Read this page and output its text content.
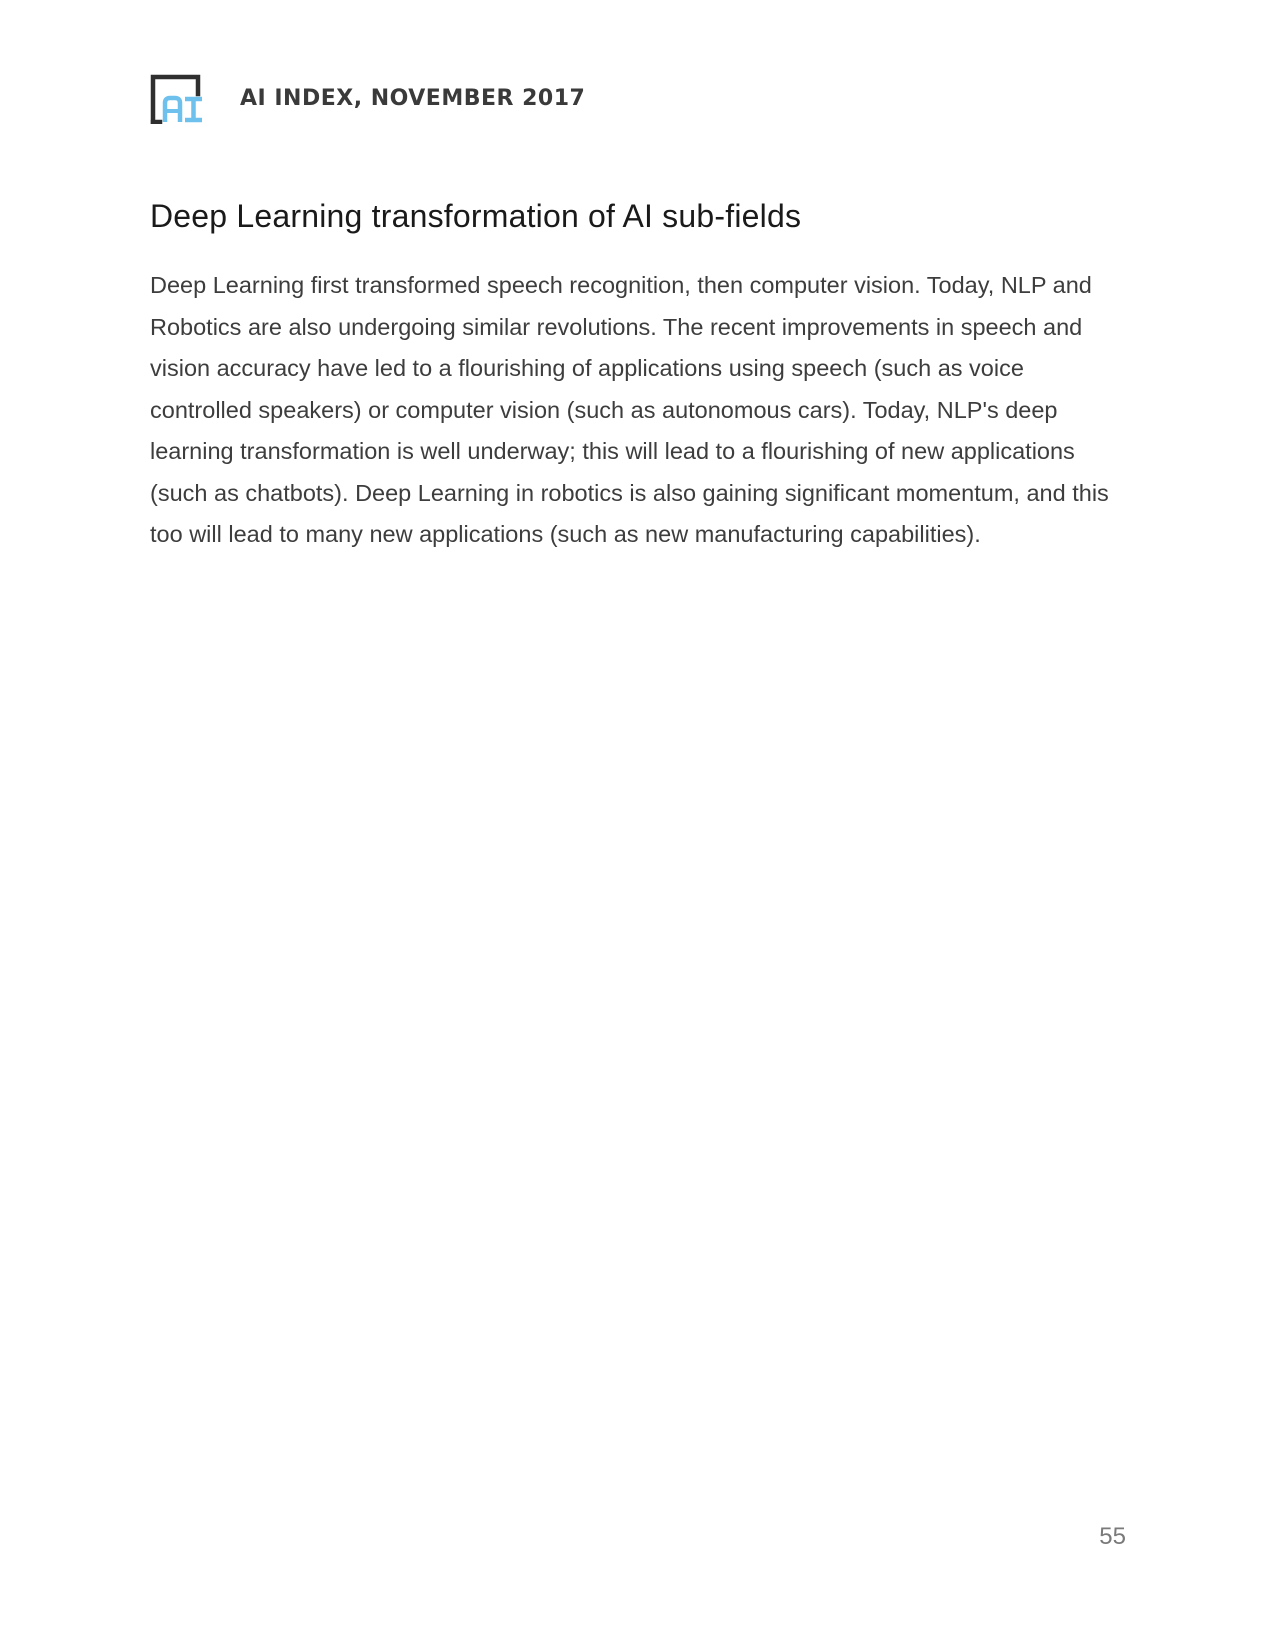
AI INDEX, NOVEMBER 2017
Deep Learning transformation of AI sub-fields

Deep Learning first transformed speech recognition, then computer vision. Today, NLP and Robotics are also undergoing similar revolutions. The recent improvements in speech and vision accuracy have led to a flourishing of applications using speech (such as voice controlled speakers) or computer vision (such as autonomous cars). Today, NLP's deep learning transformation is well underway; this will lead to a flourishing of new applications (such as chatbots). Deep Learning in robotics is also gaining significant momentum, and this too will lead to many new applications (such as new manufacturing capabilities).

55
